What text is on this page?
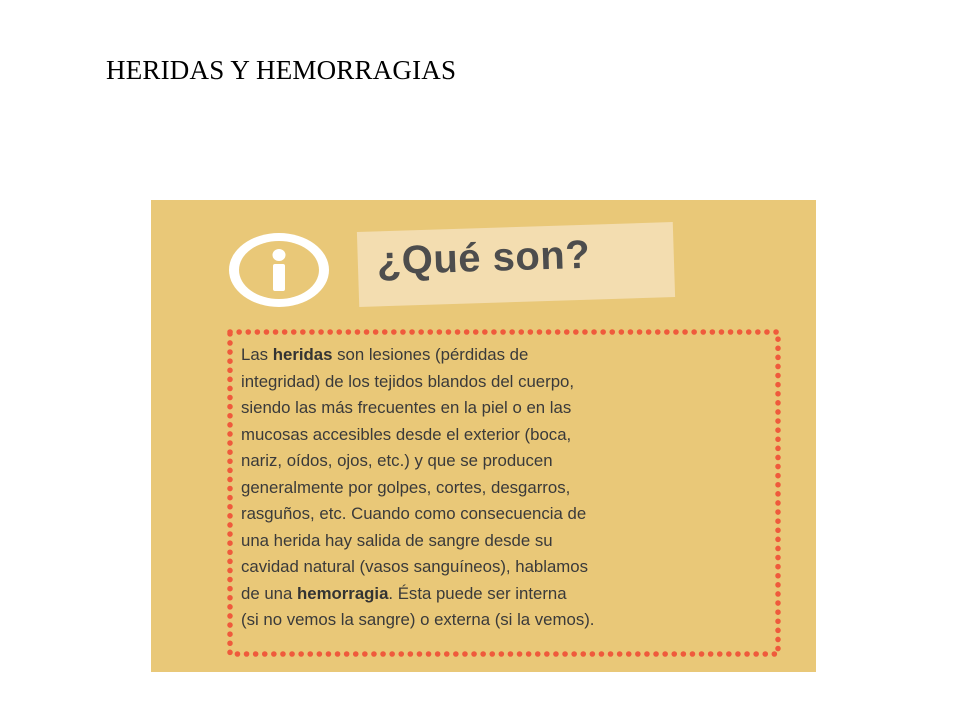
HERIDAS Y HEMORRAGIAS
¿Qué son?

Las heridas son lesiones (pérdidas de
integridad) de los tejidos blandos del cuerpo,
siendo las más frecuentes en la piel o en las
mucosas accesibles desde el exterior (boca,
nariz, oídos, ojos, etc.) y que se producen
generalmente por golpes, cortes, desgarros,
rasguños, etc. Cuando como consecuencia de
una herida hay salida de sangre desde su
cavidad natural (vasos sanguíneos), hablamos
de una hemorragia. Ésta puede ser interna
(si no vemos la sangre) o externa (si la vemos).
